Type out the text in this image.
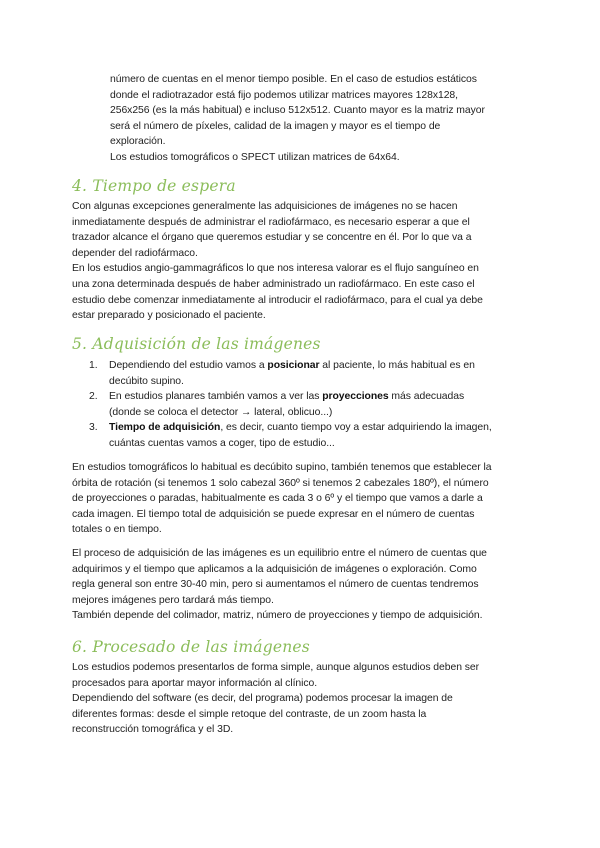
número de cuentas en el menor tiempo posible. En el caso de estudios estáticos

donde el radiotrazador está fijo podemos utilizar matrices mayores 128x128,

256x256 (es la más habitual) e incluso 512x512. Cuanto mayor es la matriz mayor

será el número de píxeles, calidad de la imagen y mayor es el tiempo de

exploración.

Los estudios tomográficos o SPECT utilizan matrices de 64x64.

4. Tiempo de espera

Con algunas excepciones generalmente las adquisiciones de imágenes no se hacen

inmediatamente después de administrar el radiofármaco, es necesario esperar a que el

trazador alcance el órgano que queremos estudiar y se concentre en él. Por lo que va a

depender del radiofármaco.

En los estudios angio-gammagráficos lo que nos interesa valorar es el flujo sanguíneo en

una zona determinada después de haber administrado un radiofármaco. En este caso el

estudio debe comenzar inmediatamente al introducir el radiofármaco, para el cual ya debe

estar preparado y posicionado el paciente.

5. Adquisición de las imágenes
1. Dependiendo del estudio vamos a posicionar al paciente, lo más habitual es en

decúbito supino.

2. En estudios planares también vamos a ver las proyecciones más adecuadas

(donde se coloca el detector → lateral, oblicuo...)

3. Tiempo de adquisición, es decir, cuanto tiempo voy a estar adquiriendo la imagen,

cuántas cuentas vamos a coger, tipo de estudio...

En estudios tomográficos lo habitual es decúbito supino, también tenemos que establecer la

órbita de rotación (si tenemos 1 solo cabezal 360º si tenemos 2 cabezales 180º), el número

de proyecciones o paradas, habitualmente es cada 3 o 6º y el tiempo que vamos a darle a

cada imagen. El tiempo total de adquisición se puede expresar en el número de cuentas

totales o en tiempo.

El proceso de adquisición de las imágenes es un equilibrio entre el número de cuentas que

adquirimos y el tiempo que aplicamos a la adquisición de imágenes o exploración. Como

regla general son entre 30-40 min, pero si aumentamos el número de cuentas tendremos

mejores imágenes pero tardará más tiempo.

También depende del colimador, matriz, número de proyecciones y tiempo de adquisición.

6. Procesado de las imágenes

Los estudios podemos presentarlos de forma simple, aunque algunos estudios deben ser

procesados para aportar mayor información al clínico.

Dependiendo del software (es decir, del programa) podemos procesar la imagen de

diferentes formas: desde el simple retoque del contraste, de un zoom hasta la

reconstrucción tomográfica y el 3D.
